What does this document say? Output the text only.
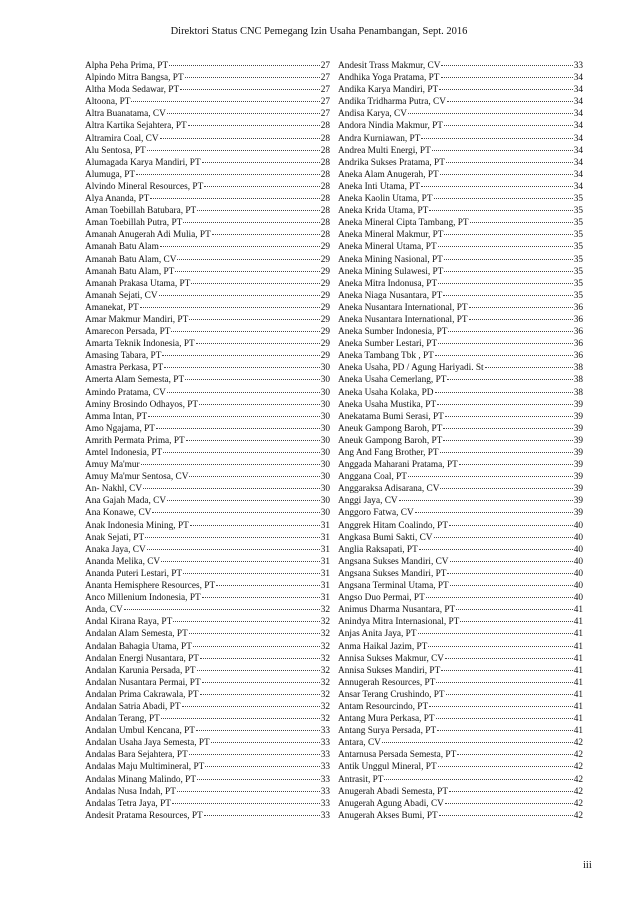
Direktori Status CNC Pemegang Izin Usaha Penambangan, Sept. 2016
Alpha Peha Prima, PT	27
Alpindo Mitra Bangsa, PT	27
Altha Moda Sedawar, PT	27
Altoona, PT	27
Altra Buanatama, CV	27
Altra Kartika Sejahtera, PT	28
Altramira Coal, CV	28
Alu Sentosa, PT	28
Alumagada Karya Mandiri, PT	28
Alumuga, PT	28
Alvindo Mineral Resources, PT	28
Alya Ananda, PT	28
Aman Toebillah Batubara, PT	28
Aman Toebillah Putra, PT	28
Amanah Anugerah Adi Mulia, PT	28
Amanah Batu Alam	29
Amanah Batu Alam, CV	29
Amanah Batu Alam, PT	29
Amanah Prakasa Utama, PT	29
Amanah Sejati, CV	29
Amanekat, PT	29
Amar Makmur Mandiri, PT	29
Amarecon Persada, PT	29
Amarta Teknik Indonesia, PT	29
Amasing Tabara, PT	29
Amastra Perkasa, PT	30
Amerta Alam Semesta, PT	30
Amindo Pratama, CV	30
Aminy Brosindo Odhayos, PT	30
Amma Intan, PT	30
Amo Ngajama, PT	30
Amrith Permata Prima, PT	30
Amtel Indonesia, PT	30
Amuy Ma'mur	30
Amuy Ma'mur Sentosa, CV	30
An- Nakhl, CV	30
Ana Gajah Mada, CV	30
Ana Konawe, CV	30
Anak Indonesia Mining, PT	31
Anak Sejati, PT	31
Anaka Jaya, CV	31
Ananda Melika, CV	31
Ananda Puteri Lestari, PT	31
Ananta Hemisphere Resources, PT	31
Anco Millenium Indonesia, PT	31
Anda, CV	32
Andal Kirana Raya, PT	32
Andalan Alam Semesta, PT	32
Andalan Bahagia Utama, PT	32
Andalan Energi Nusantara, PT	32
Andalan Karunia Persada, PT	32
Andalan Nusantara Permai, PT	32
Andalan Prima Cakrawala, PT	32
Andalan Satria Abadi, PT	32
Andalan Terang, PT	32
Andalan Umbul Kencana, PT	33
Andalan Usaha Jaya Semesta, PT	33
Andalas Bara Sejahtera, PT	33
Andalas Maju Multimineral, PT	33
Andalas Minang Malindo, PT	33
Andalas Nusa Indah, PT	33
Andalas Tetra Jaya, PT	33
Andesit Pratama Resources, PT	33
Andesit Trass Makmur, CV	33
Andhika Yoga Pratama, PT	34
Andika Karya Mandiri, PT	34
Andika Tridharma Putra, CV	34
Andisa Karya, CV	34
Andora Nindia Makmur, PT	34
Andra Kurniawan, PT	34
Andrea Multi Energi, PT	34
Andrika Sukses Pratama, PT	34
Aneka Alam Anugerah, PT	34
Aneka Inti Utama, PT	34
Aneka Kaolin Utama, PT	35
Aneka Krida Utama, PT	35
Aneka Mineral Cipta Tambang, PT	35
Aneka Mineral Makmur, PT	35
Aneka Mineral Utama, PT	35
Aneka Mining Nasional, PT	35
Aneka Mining Sulawesi, PT	35
Aneka Mitra Indonusa, PT	35
Aneka Niaga Nusantara, PT	35
Aneka Nusantara International, PT	36
Aneka Nusantara International, PT	36
Aneka Sumber Indonesia, PT	36
Aneka Sumber Lestari, PT	36
Aneka Tambang Tbk , PT	36
Aneka Usaha, PD / Agung Hariyadi. St	38
Aneka Usaha Cemerlang, PT	38
Aneka Usaha Kolaka, PD	38
Aneka Usaha Mustika, PT	39
Anekatama Bumi Serasi, PT	39
Aneuk Gampong Baroh, PT	39
Aneuk Gampong Baroh, PT	39
Ang And Fang Brother, PT	39
Anggada Maharani Pratama, PT	39
Anggana Coal, PT	39
Anggaraksa Adisarana, CV	39
Anggi Jaya, CV	39
Anggoro Fatwa, CV	39
Anggrek Hitam Coalindo, PT	40
Angkasa Bumi Sakti, CV	40
Anglia Raksapati, PT	40
Angsana Sukses Mandiri, CV	40
Angsana Sukses Mandiri, PT	40
Angsana Terminal Utama, PT	40
Angso Duo Permai, PT	40
Animus Dharma Nusantara, PT	41
Anindya Mitra Internasional, PT	41
Anjas Anita Jaya, PT	41
Anma Haikal Jazim, PT	41
Annisa Sukses Makmur, CV	41
Annisa Sukses Mandiri, PT	41
Annugerah Resources, PT	41
Ansar Terang Crushindo, PT	41
Antam Resourcindo, PT	41
Antang Mura Perkasa, PT	41
Antang Surya Persada, PT	41
Antara, CV	42
Antarnusa Persada Semesta, PT	42
Antik Unggul Mineral, PT	42
Antrasit, PT	42
Anugerah Abadi Semesta, PT	42
Anugerah Agung Abadi, CV	42
Anugerah Akses Bumi, PT	42
iii
